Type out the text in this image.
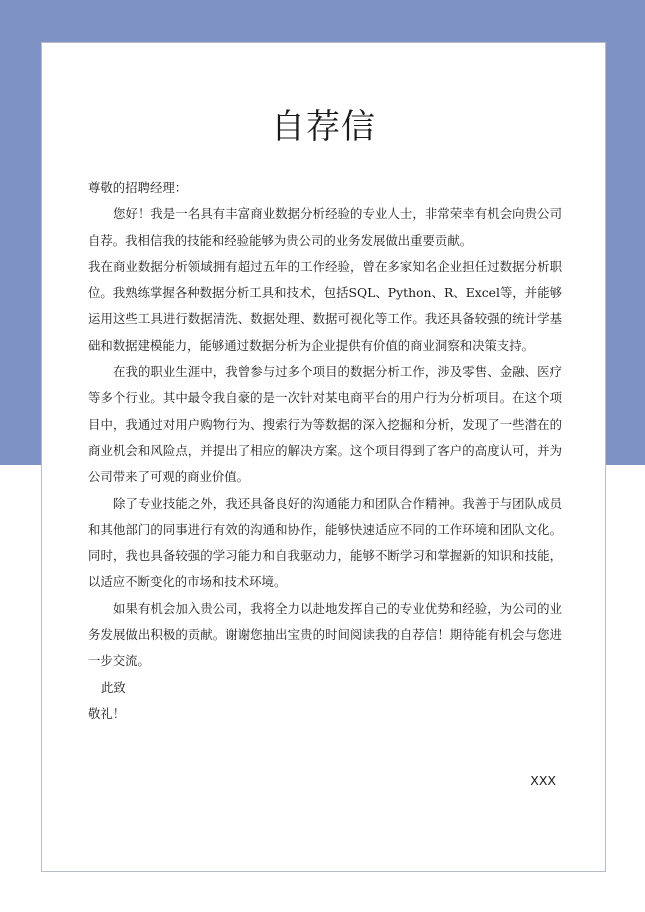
自荐信

尊敬的招聘经理：

您好！我是一名具有丰富商业数据分析经验的专业人士，非常荣幸有机会向贵公司自荐。我相信我的技能和经验能够为贵公司的业务发展做出重要贡献。

我在商业数据分析领域拥有超过五年的工作经验，曾在多家知名企业担任过数据分析职位。我熟练掌握各种数据分析工具和技术，包括SQL、Python、R、Excel等，并能够运用这些工具进行数据清洗、数据处理、数据可视化等工作。我还具备较强的统计学基础和数据建模能力，能够通过数据分析为企业提供有价值的商业洞察和决策支持。

在我的职业生涯中，我曾参与过多个项目的数据分析工作，涉及零售、金融、医疗等多个行业。其中最令我自豪的是一次针对某电商平台的用户行为分析项目。在这个项目中，我通过对用户购物行为、搜索行为等数据的深入挖掘和分析，发现了一些潜在的商业机会和风险点，并提出了相应的解决方案。这个项目得到了客户的高度认可，并为公司带来了可观的商业价值。

除了专业技能之外，我还具备良好的沟通能力和团队合作精神。我善于与团队成员和其他部门的同事进行有效的沟通和协作，能够快速适应不同的工作环境和团队文化。同时，我也具备较强的学习能力和自我驱动力，能够不断学习和掌握新的知识和技能，以适应不断变化的市场和技术环境。

如果有机会加入贵公司，我将全力以赴地发挥自己的专业优势和经验，为公司的业务发展做出积极的贡献。谢谢您抽出宝贵的时间阅读我的自荐信！期待能有机会与您进一步交流。

此致

敬礼！

XXX
